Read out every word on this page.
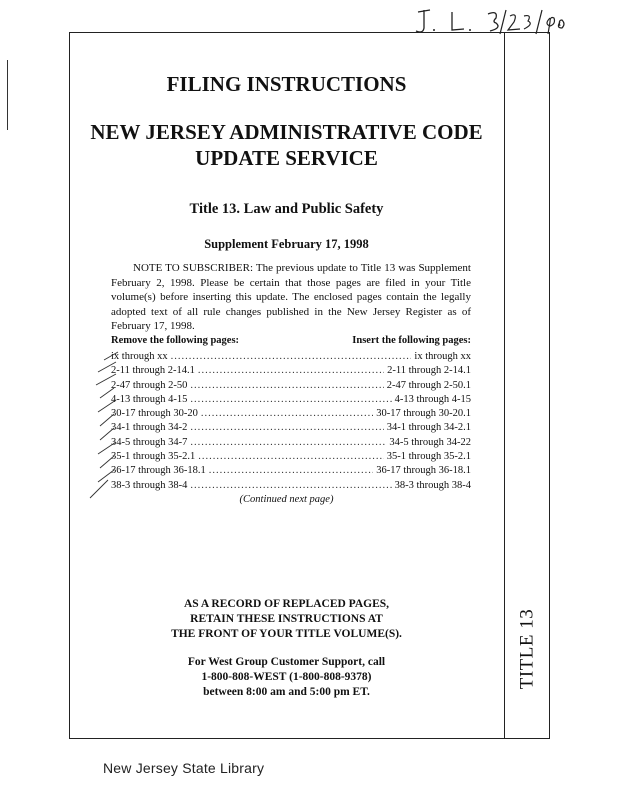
TITLE 13
FILING INSTRUCTIONS
NEW JERSEY ADMINISTRATIVE CODE
UPDATE SERVICE
Title 13. Law and Public Safety
Supplement February 17, 1998
NOTE TO SUBSCRIBER: The previous update to Title 13 was Supplement February 2, 1998. Please be certain that those pages are filed in your Title volume(s) before inserting this update. The enclosed pages contain the legally adopted text of all rule changes published in the New Jersey Register as of February 17, 1998.
Remove the following pages:	Insert the following pages:
ix through xx .....	ix through xx
2-11 through 2-14.1 .....	2-11 through 2-14.1
2-47 through 2-50 .....	2-47 through 2-50.1
4-13 through 4-15 .....	4-13 through 4-15
30-17 through 30-20 .....	30-17 through 30-20.1
34-1 through 34-2 .....	34-1 through 34-2.1
34-5 through 34-7 .....	34-5 through 34-22
35-1 through 35-2.1 .....	35-1 through 35-2.1
36-17 through 36-18.1 .....	36-17 through 36-18.1
38-3 through 38-4 .....	38-3 through 38-4
(Continued next page)
AS A RECORD OF REPLACED PAGES,
RETAIN THESE INSTRUCTIONS AT
THE FRONT OF YOUR TITLE VOLUME(S).
For West Group Customer Support, call
1-800-808-WEST (1-800-808-9378)
between 8:00 am and 5:00 pm ET.
New Jersey State Library
